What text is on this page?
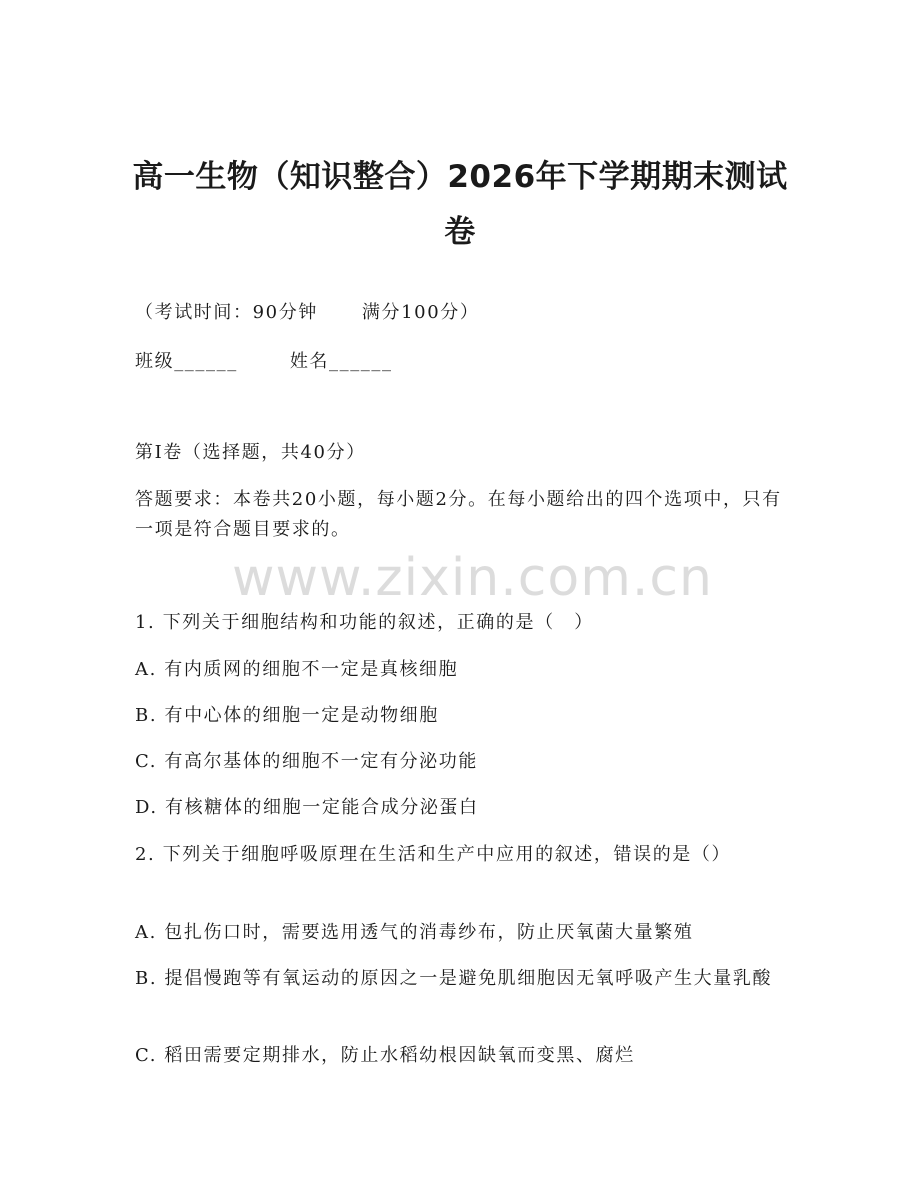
高一生物（知识整合）2026年下学期期末测试卷
（考试时间：90分钟 满分100分）
班级______	姓名______
第I卷（选择题，共40分）
答题要求：本卷共20小题，每小题2分。在每小题给出的四个选项中，只有一项是符合题目要求的。
www.zixin.com.cn
1. 下列关于细胞结构和功能的叙述，正确的是（　）
A. 有内质网的细胞不一定是真核细胞
B. 有中心体的细胞一定是动物细胞
C. 有高尔基体的细胞不一定有分泌功能
D. 有核糖体的细胞一定能合成分泌蛋白
2. 下列关于细胞呼吸原理在生活和生产中应用的叙述，错误的是（）
A. 包扎伤口时，需要选用透气的消毒纱布，防止厌氧菌大量繁殖
B. 提倡慢跑等有氧运动的原因之一是避免肌细胞因无氧呼吸产生大量乳酸
C. 稻田需要定期排水，防止水稻幼根因缺氧而变黑、腐烂
